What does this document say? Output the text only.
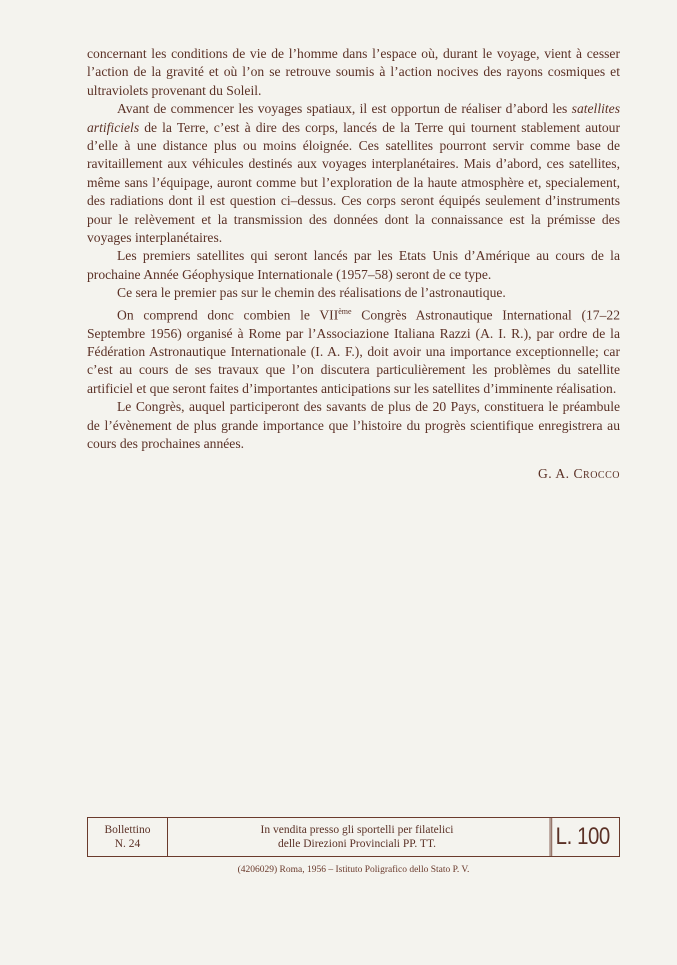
concernant les conditions de vie de l’homme dans l’espace où, durant le voyage, vient à cesser l’action de la gravité et où l’on se retrouve soumis à l’action nocives des rayons cosmiques et ultraviolets provenant du Soleil.

Avant de commencer les voyages spatiaux, il est opportun de réaliser d’abord les satellites artificiels de la Terre, c’est à dire des corps, lancés de la Terre qui tournent stablement autour d’elle à une distance plus ou moins éloignée. Ces satellites pourront servir comme base de ravitaillement aux véhicules destinés aux voyages interplanétaires. Mais d’abord, ces satellites, même sans l’équipage, auront comme but l’exploration de la haute atmosphère et, specialement, des radiations dont il est question ci–dessus. Ces corps seront équipés seulement d’instruments pour le relèvement et la transmission des données dont la connaissance est la prémisse des voyages interplanétaires.

Les premiers satellites qui seront lancés par les Etats Unis d’Amérique au cours de la prochaine Année Géophysique Internationale (1957–58) seront de ce type.

Ce sera le premier pas sur le chemin des réalisations de l’astronautique.

On comprend donc combien le VIIème Congrès Astronautique International (17–22 Septembre 1956) organisé à Rome par l’Associazione Italiana Razzi (A. I. R.), par ordre de la Fédération Astronautique Internationale (I. A. F.), doit avoir una importance exceptionnelle; car c’est au cours de ses travaux que l’on discutera particulièrement les problèmes du satellite artificiel et que seront faites d’importantes anticipations sur les satellites d’imminente réalisation.

Le Congrès, auquel participeront des savants de plus de 20 Pays, constituera le préambule de l’évènement de plus grande importance que l’histoire du progrès scientifique enregistrera au cours des prochaines années.

G. A. Crocco
Bollettino
N. 24
In vendita presso gli sportelli per filatelici
delle Direzioni Provinciali PP. TT.	L. 100
(4206029) Roma, 1956 – Istituto Poligrafico dello Stato P. V.
